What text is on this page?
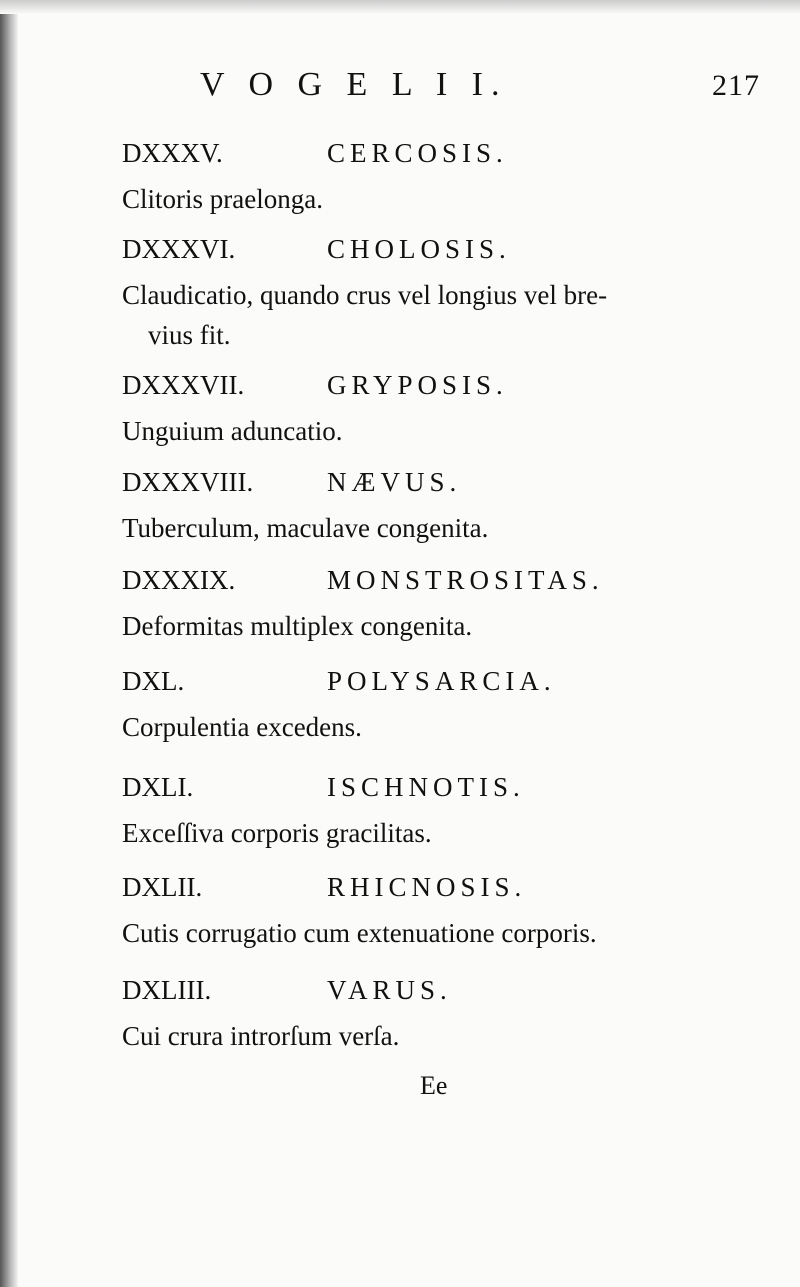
V O G E L I I.	217
DXXXV.	CERCOSIS.
Clitoris praelonga.
DXXXVI.	CHOLOSIS.
Claudicatio, quando crus vel longius vel bre-
vius fit.
DXXXVII.	GRYPOSIS.
Unguium aduncatio.
DXXXVIII.	NÆVUS.
Tuberculum, maculave congenita.
DXXXIX.	MONSTROSITAS.
Deformitas multiplex congenita.
DXL.	POLYSARCIA.
Corpulentia excedens.
DXLI.	ISCHNOTIS.
Exceſſiva corporis gracilitas.
DXLII.	RHICNOSIS.
Cutis corrugatio cum extenuatione corporis.
DXLIII.	VARUS.
Cui crura introrſum verſa.
Ee
